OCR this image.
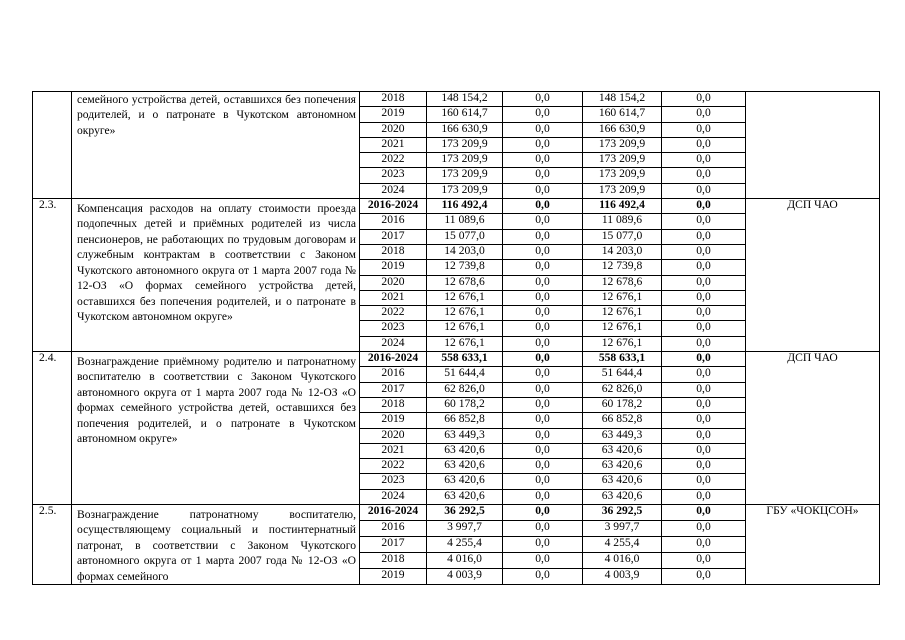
	семейного устройства детей, оставшихся без попечения родителей, и о патронате в Чукотском автономном округе»	2018	148 154,2	0,0	148 154,2	0,0	
		2019	160 614,7	0,0	160 614,7	0,0	
		2020	166 630,9	0,0	166 630,9	0,0	
		2021	173 209,9	0,0	173 209,9	0,0	
		2022	173 209,9	0,0	173 209,9	0,0	
		2023	173 209,9	0,0	173 209,9	0,0	
		2024	173 209,9	0,0	173 209,9	0,0	
2.3.	Компенсация расходов на оплату стоимости проезда подопечных детей и приёмных родителей из числа пенсионеров, не работающих по трудовым договорам и служебным контрактам в соответствии с Законом Чукотского автономного округа от 1 марта 2007 года № 12-ОЗ «О формах семейного устройства детей, оставшихся без попечения родителей, и о патронате в Чукотском автономном округе»	2016-2024	116 492,4	0,0	116 492,4	0,0	ДСП ЧАО
		2016	11 089,6	0,0	11 089,6	0,0	
		2017	15 077,0	0,0	15 077,0	0,0	
		2018	14 203,0	0,0	14 203,0	0,0	
		2019	12 739,8	0,0	12 739,8	0,0	
		2020	12 678,6	0,0	12 678,6	0,0	
		2021	12 676,1	0,0	12 676,1	0,0	
		2022	12 676,1	0,0	12 676,1	0,0	
		2023	12 676,1	0,0	12 676,1	0,0	
		2024	12 676,1	0,0	12 676,1	0,0	
2.4.	Вознаграждение приёмному родителю и патронатному воспитателю в соответствии с Законом Чукотского автономного округа от 1 марта 2007 года № 12-ОЗ «О формах семейного устройства детей, оставшихся без попечения родителей, и о патронате в Чукотском автономном округе»	2016-2024	558 633,1	0,0	558 633,1	0,0	ДСП ЧАО
		2016	51 644,4	0,0	51 644,4	0,0	
		2017	62 826,0	0,0	62 826,0	0,0	
		2018	60 178,2	0,0	60 178,2	0,0	
		2019	66 852,8	0,0	66 852,8	0,0	
		2020	63 449,3	0,0	63 449,3	0,0	
		2021	63 420,6	0,0	63 420,6	0,0	
		2022	63 420,6	0,0	63 420,6	0,0	
		2023	63 420,6	0,0	63 420,6	0,0	
		2024	63 420,6	0,0	63 420,6	0,0	
2.5.	Вознаграждение патронатному воспитателю, осуществляющему социальный и постинтернатный патронат, в соответствии с Законом Чукотского автономного округа от 1 марта 2007 года № 12-ОЗ «О формах семейного	2016-2024	36 292,5	0,0	36 292,5	0,0	ГБУ «ЧОКЦСОН»
		2016	3 997,7	0,0	3 997,7	0,0	
		2017	4 255,4	0,0	4 255,4	0,0	
		2018	4 016,0	0,0	4 016,0	0,0	
		2019	4 003,9	0,0	4 003,9	0,0	
